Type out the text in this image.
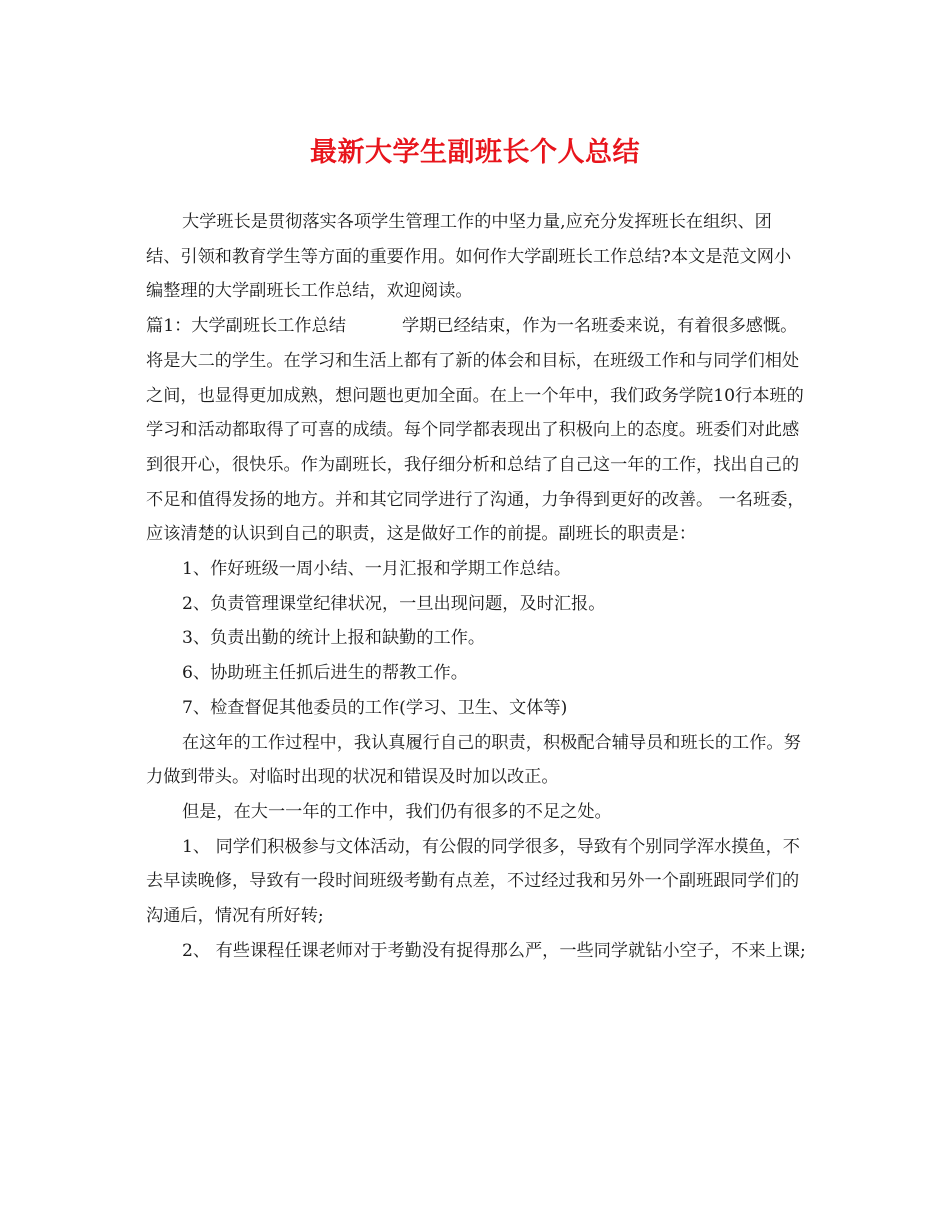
最新大学生副班长个人总结

大学班长是贯彻落实各项学生管理工作的中坚力量,应充分发挥班长在组织、团结、引领和教育学生等方面的重要作用。如何作大学副班长工作总结?本文是范文网小编整理的大学副班长工作总结，欢迎阅读。

篇1：大学副班长工作总结	学期已经结束，作为一名班委来说，有着很多感慨。将是大二的学生。在学习和生活上都有了新的体会和目标，在班级工作和与同学们相处之间，也显得更加成熟，想问题也更加全面。在上一个年中，我们政务学院10行本班的学习和活动都取得了可喜的成绩。每个同学都表现出了积极向上的态度。班委们对此感到很开心，很快乐。作为副班长，我仔细分析和总结了自己这一年的工作，找出自己的不足和值得发扬的地方。并和其它同学进行了沟通，力争得到更好的改善。 一名班委，应该清楚的认识到自己的职责，这是做好工作的前提。副班长的职责是：

1、作好班级一周小结、一月汇报和学期工作总结。

2、负责管理课堂纪律状况，一旦出现问题，及时汇报。

3、负责出勤的统计上报和缺勤的工作。

6、协助班主任抓后进生的帮教工作。

7、检查督促其他委员的工作(学习、卫生、文体等)

在这年的工作过程中，我认真履行自己的职责，积极配合辅导员和班长的工作。努力做到带头。对临时出现的状况和错误及时加以改正。

但是，在大一一年的工作中，我们仍有很多的不足之处。

1、 同学们积极参与文体活动，有公假的同学很多，导致有个别同学浑水摸鱼，不去早读晚修，导致有一段时间班级考勤有点差，不过经过我和另外一个副班跟同学们的沟通后，情况有所好转;

2、 有些课程任课老师对于考勤没有捉得那么严，一些同学就钻小空子，不来上课;
